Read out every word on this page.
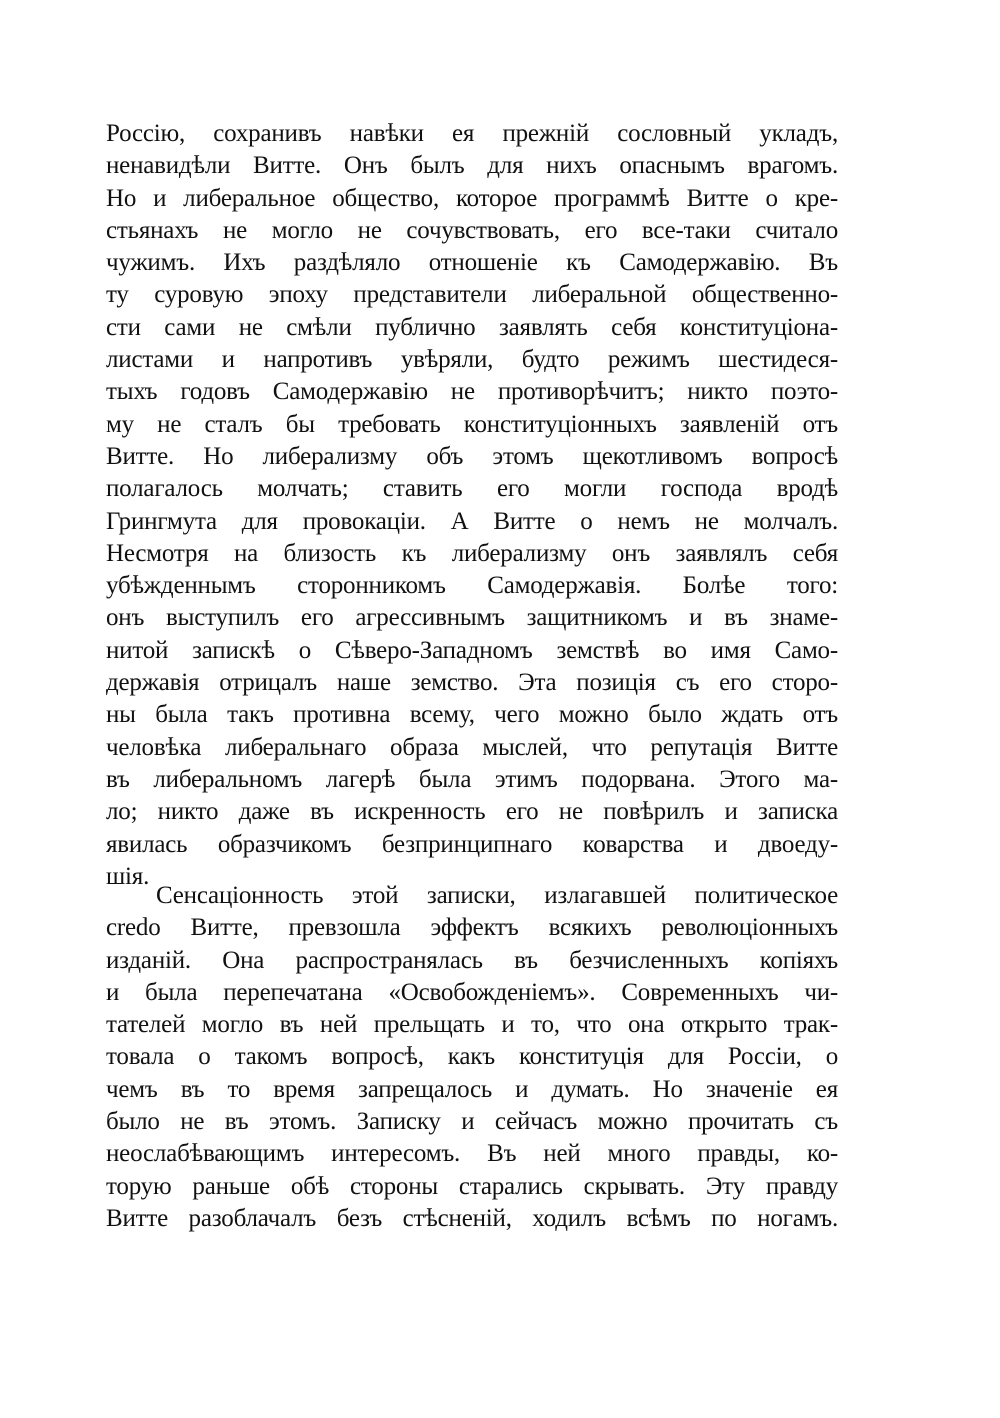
Россію, сохранивъ навѣки ея прежній сословный укладъ,
ненавидѣли Витте. Онъ былъ для нихъ опаснымъ врагомъ.
Но и либеральное общество, которое программѣ Витте о кре-
стьянахъ не могло не сочувствовать, его все-таки считало
чужимъ. Ихъ раздѣляло отношеніе къ Самодержавію. Въ
ту суровую эпоху представители либеральной общественно-
сти сами не смѣли публично заявлять себя конституціона-
листами и напротивъ увѣряли, будто режимъ шестидеся-
тыхъ годовъ Самодержавію не противорѣчитъ; никто поэто-
му не сталъ бы требовать конституціонныхъ заявленій отъ
Витте. Но либерализму объ этомъ щекотливомъ вопросѣ
полагалось молчать; ставить его могли господа вродѣ
Грингмута для провокаціи. А Витте о немъ не молчалъ.
Несмотря на близость къ либерализму онъ заявлялъ себя
убѣжденнымъ сторонникомъ Самодержавія. Болѣе того:
онъ выступилъ его агрессивнымъ защитникомъ и въ знаме-
нитой запискѣ о Сѣверо-Западномъ земствѣ во имя Само-
державія отрицалъ наше земство. Эта позиція съ его сторо-
ны была такъ противна всему, чего можно было ждать отъ
человѣка либеральнаго образа мыслей, что репутація Витте
въ либеральномъ лагерѣ была этимъ подорвана. Этого ма-
ло; никто даже въ искренность его не повѣрилъ и записка
явилась образчикомъ безпринципнаго коварства и двоеду-
шія.
Сенсаціонность этой записки, излагавшей политическое
credo Витте, превзошла эффектъ всякихъ революціонныхъ
изданій. Она распространялась въ безчисленныхъ копіяхъ
и была перепечатана «Освобожденіемъ». Современныхъ чи-
тателей могло въ ней прельщать и то, что она открыто трак-
товала о такомъ вопросѣ, какъ конституція для Россіи, о
чемъ въ то время запрещалось и думать. Но значеніе ея
было не въ этомъ. Записку и сейчасъ можно прочитать съ
неослабѣвающимъ интересомъ. Въ ней много правды, ко-
торую раньше обѣ стороны старались скрывать. Эту правду
Витте разоблачалъ безъ стѣсненій, ходилъ всѣмъ по ногамъ.
